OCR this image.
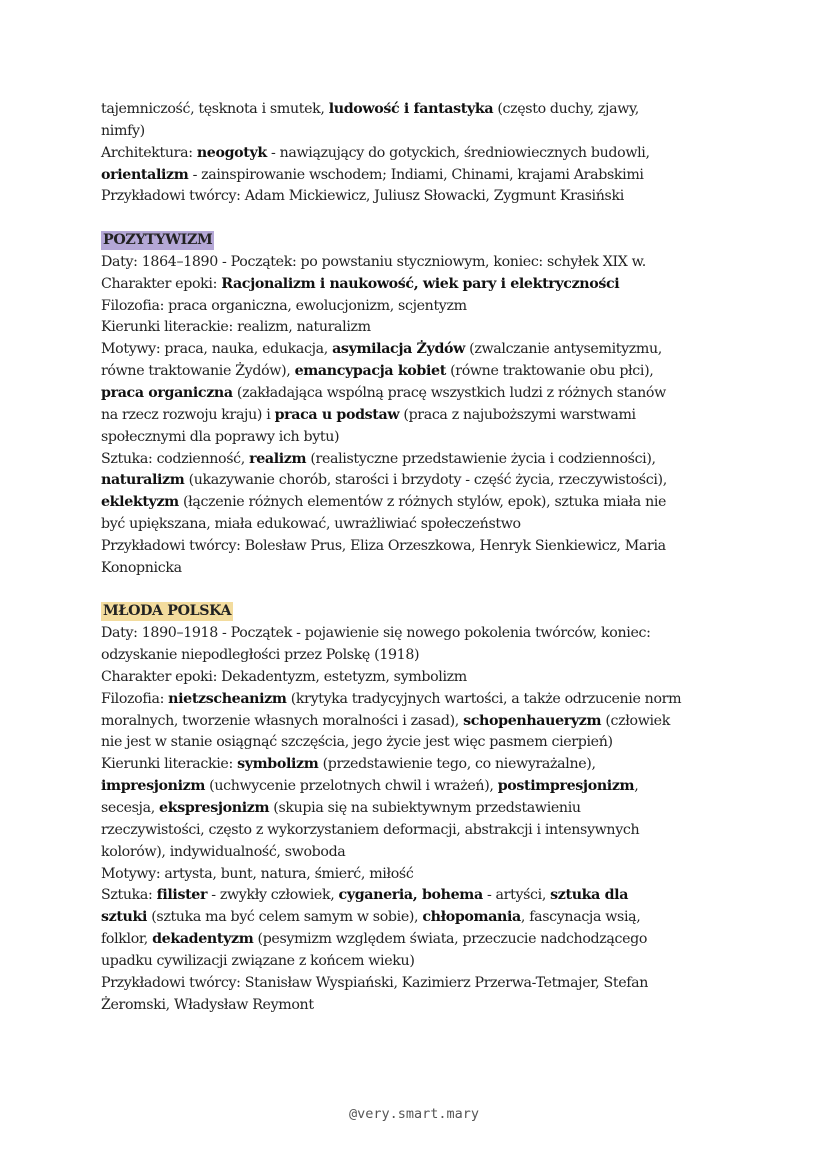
tajemniczość, tęsknota i smutek, ludowość i fantastyka (często duchy, zjawy,
nimfy)
Architektura: neogotyk - nawiązujący do gotyckich, średniowiecznych budowli,
orientalizm - zainspirowanie wschodem; Indiami, Chinami, krajami Arabskimi
Przykładowi twórcy: Adam Mickiewicz, Juliusz Słowacki, Zygmunt Krasiński
POZYTYWIZM
Daty: 1864–1890 - Początek: po powstaniu styczniowym, koniec: schyłek XIX w.
Charakter epoki: Racjonalizm i naukowość, wiek pary i elektryczności
Filozofia: praca organiczna, ewolucjonizm, scjentyzm
Kierunki literackie: realizm, naturalizm
Motywy: praca, nauka, edukacja, asymilacja Żydów (zwalczanie antysemityzmu,
równe traktowanie Żydów), emancypacja kobiet (równe traktowanie obu płci),
praca organiczna (zakładająca wspólną pracę wszystkich ludzi z różnych stanów
na rzecz rozwoju kraju) i praca u podstaw (praca z najuboższymi warstwami
społecznymi dla poprawy ich bytu)
Sztuka: codzienność, realizm (realistyczne przedstawienie życia i codzienności),
naturalizm (ukazywanie chorób, starości i brzydoty - część życia, rzeczywistości),
eklektyzm (łączenie różnych elementów z różnych stylów, epok), sztuka miała nie
być upiększana, miała edukować, uwrażliwiać społeczeństwo
Przykładowi twórcy: Bolesław Prus, Eliza Orzeszkowa, Henryk Sienkiewicz, Maria
Konopnicka
MŁODA POLSKA
Daty: 1890–1918 - Początek - pojawienie się nowego pokolenia twórców, koniec:
odzyskanie niepodległości przez Polskę (1918)
Charakter epoki: Dekadentyzm, estetyzm, symbolizm
Filozofia: nietzscheanizm (krytyka tradycyjnych wartości, a także odrzucenie norm
moralnych, tworzenie własnych moralności i zasad), schopenhaueryzm (człowiek
nie jest w stanie osiągnąć szczęścia, jego życie jest więc pasmem cierpień)
Kierunki literackie: symbolizm (przedstawienie tego, co niewyrażalne),
impresjonizm (uchwycenie przelotnych chwil i wrażeń), postimpresjonizm,
secesja, ekspresjonizm (skupia się na subiektywnym przedstawieniu
rzeczywistości, często z wykorzystaniem deformacji, abstrakcji i intensywnych
kolorów), indywidualność, swoboda
Motywy: artysta, bunt, natura, śmierć, miłość
Sztuka: filister - zwykły człowiek, cyganeria, bohema - artyści, sztuka dla
sztuki (sztuka ma być celem samym w sobie), chłopomania, fascynacja wsią,
folklor, dekadentyzm (pesymizm względem świata, przeczucie nadchodzącego
upadku cywilizacji związane z końcem wieku)
Przykładowi twórcy: Stanisław Wyspiański, Kazimierz Przerwa-Tetmajer, Stefan
Żeromski, Władysław Reymont
@very.smart.mary
